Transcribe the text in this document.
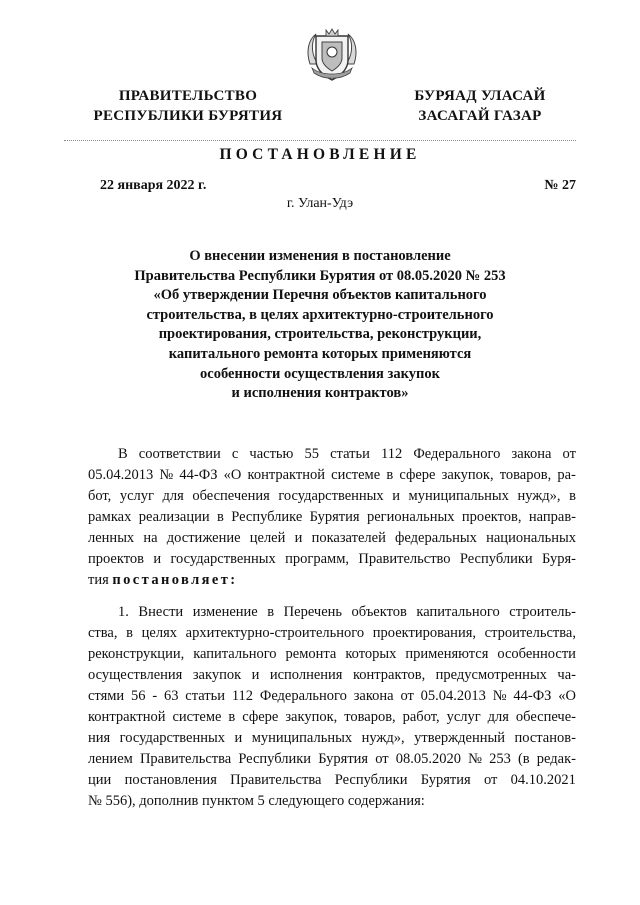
ПРАВИТЕЛЬСТВО
РЕСПУБЛИКИ БУРЯТИЯ
БУРЯАД УЛАСАЙ
ЗАСАГАЙ ГАЗАР
ПОСТАНОВЛЕНИЕ
22 января 2022 г.	№ 27
г. Улан-Удэ
О внесении изменения в постановление
Правительства Республики Бурятия от 08.05.2020 № 253
«Об утверждении Перечня объектов капитального
строительства, в целях архитектурно-строительного
проектирования, строительства, реконструкции,
капитального ремонта которых применяются
особенности осуществления закупок
и исполнения контрактов»
В соответствии с частью 55 статьи 112 Федерального закона от
05.04.2013 № 44-ФЗ «О контрактной системе в сфере закупок, товаров, ра-
бот, услуг для обеспечения государственных и муниципальных нужд», в
рамках реализации в Республике Бурятия региональных проектов, направ-
ленных на достижение целей и показателей федеральных национальных
проектов и государственных программ, Правительство Республики Буря-
тия постановляет:
1. Внести изменение в Перечень объектов капитального строитель-
ства, в целях архитектурно-строительного проектирования, строительства,
реконструкции, капитального ремонта которых применяются особенности
осуществления закупок и исполнения контрактов, предусмотренных ча-
стями 56 - 63 статьи 112 Федерального закона от 05.04.2013 № 44-ФЗ «О
контрактной системе в сфере закупок, товаров, работ, услуг для обеспече-
ния государственных и муниципальных нужд», утвержденный постанов-
лением Правительства Республики Бурятия от 08.05.2020 № 253 (в редак-
ции постановления Правительства Республики Бурятия от 04.10.2021
№ 556), дополнив пунктом 5 следующего содержания:
